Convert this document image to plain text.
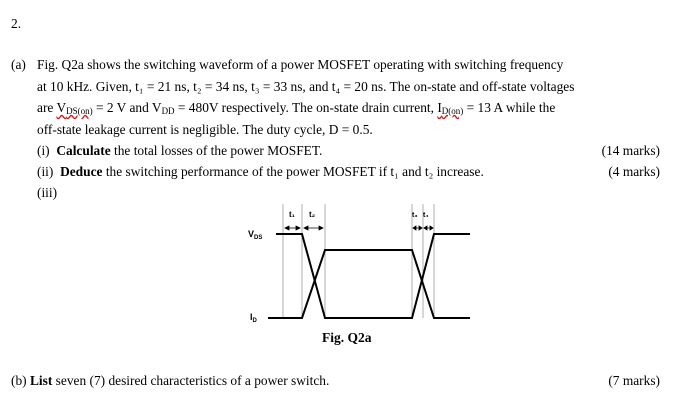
2.
(a) Fig. Q2a shows the switching waveform of a power MOSFET operating with switching frequency
at 10 kHz. Given, t₁ = 21 ns, t₂ = 34 ns, t₃ = 33 ns, and t₄ = 20 ns. The on-state and off-state voltages
are $V_{DS(on)} = 2$ V and $V_{DD} = 480V$ respectively. The on-state drain current, $I_{D(on)} = 13$ A while the
off-state leakage current is negligible. The duty cycle, D = 0.5.
(i) Calculate the total losses of the power MOSFET.	(14 marks)
(ii) Deduce the switching performance of the power MOSFET if t₁ and t₂ increase.	(4 marks)
(iii)
t₁ t₂	t₃ t₄
$V_{DS}$
$I_D$
Fig. Q2a
(b) List seven (7) desired characteristics of a power switch.	(7 marks)
